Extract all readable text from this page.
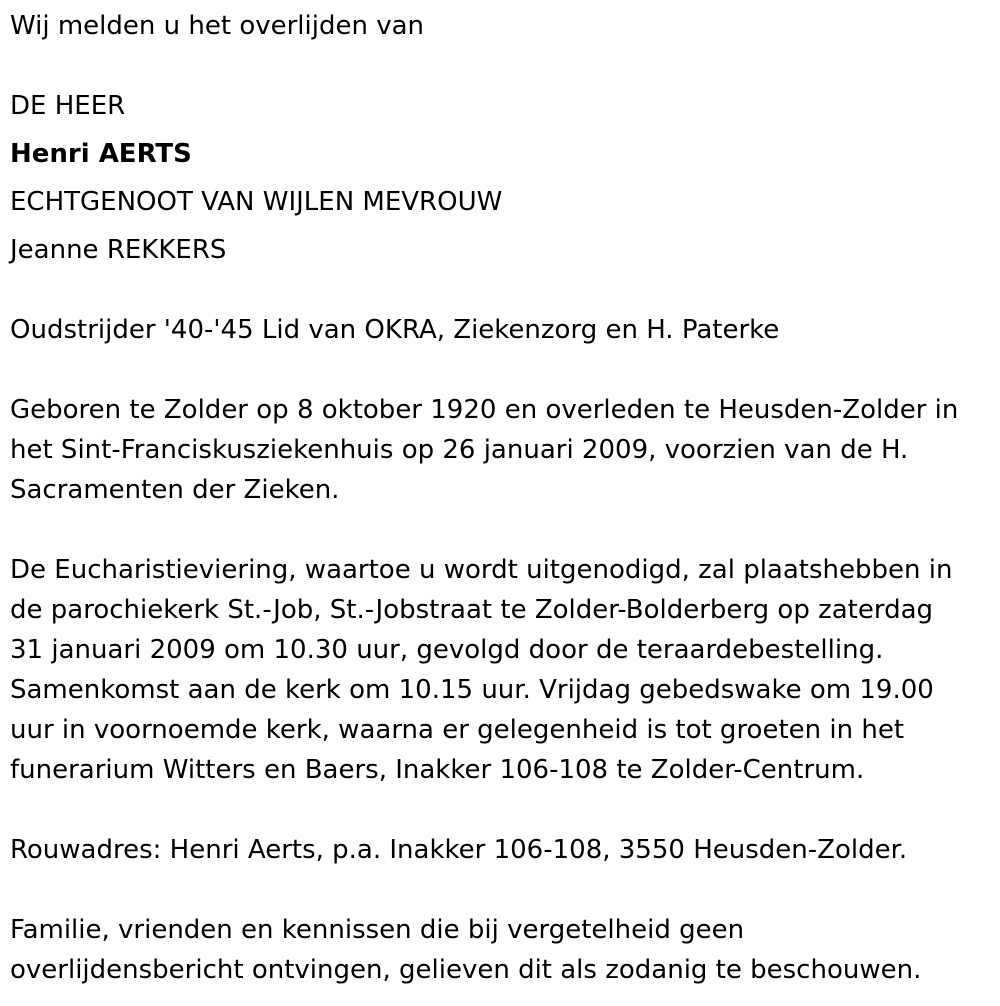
Wij melden u het overlijden van
DE HEER
Henri AERTS
ECHTGENOOT VAN WIJLEN MEVROUW
Jeanne REKKERS
Oudstrijder '40-'45 Lid van OKRA, Ziekenzorg en H. Paterke
Geboren te Zolder op 8 oktober 1920 en overleden te Heusden-Zolder in
het Sint-Franciskusziekenhuis op 26 januari 2009, voorzien van de H.
Sacramenten der Zieken.
De Eucharistieviering, waartoe u wordt uitgenodigd, zal plaatshebben in
de parochiekerk St.-Job, St.-Jobstraat te Zolder-Bolderberg op zaterdag
31 januari 2009 om 10.30 uur, gevolgd door de teraardebestelling.
Samenkomst aan de kerk om 10.15 uur. Vrijdag gebedswake om 19.00
uur in voornoemde kerk, waarna er gelegenheid is tot groeten in het
funerarium Witters en Baers, Inakker 106-108 te Zolder-Centrum.
Rouwadres: Henri Aerts, p.a. Inakker 106-108, 3550 Heusden-Zolder.
Familie, vrienden en kennissen die bij vergetelheid geen
overlijdensbericht ontvingen, gelieven dit als zodanig te beschouwen.
